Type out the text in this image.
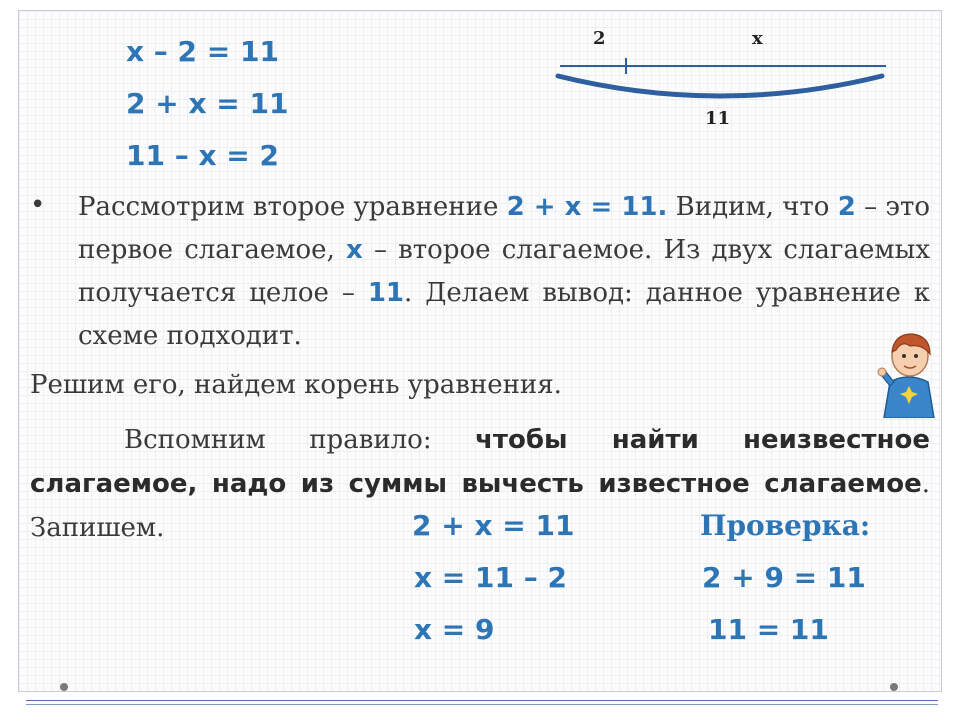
x – 2 = 11
2 + x = 11
11 – x = 2
2	x
11
• Рассмотрим второе уравнение 2 + x = 11. Видим, что 2 – это первое слагаемое, x – второе слагаемое. Из двух слагаемых получается целое – 11. Делаем вывод: данное уравнение к схеме подходит.
Решим его, найдем корень уравнения.
Вспомним правило: чтобы найти неизвестное слагаемое, надо из суммы вычесть известное слагаемое. Запишем.	2 + x = 11
x = 11 – 2
x = 9
Проверка:
2 + 9 = 11
11 = 11
